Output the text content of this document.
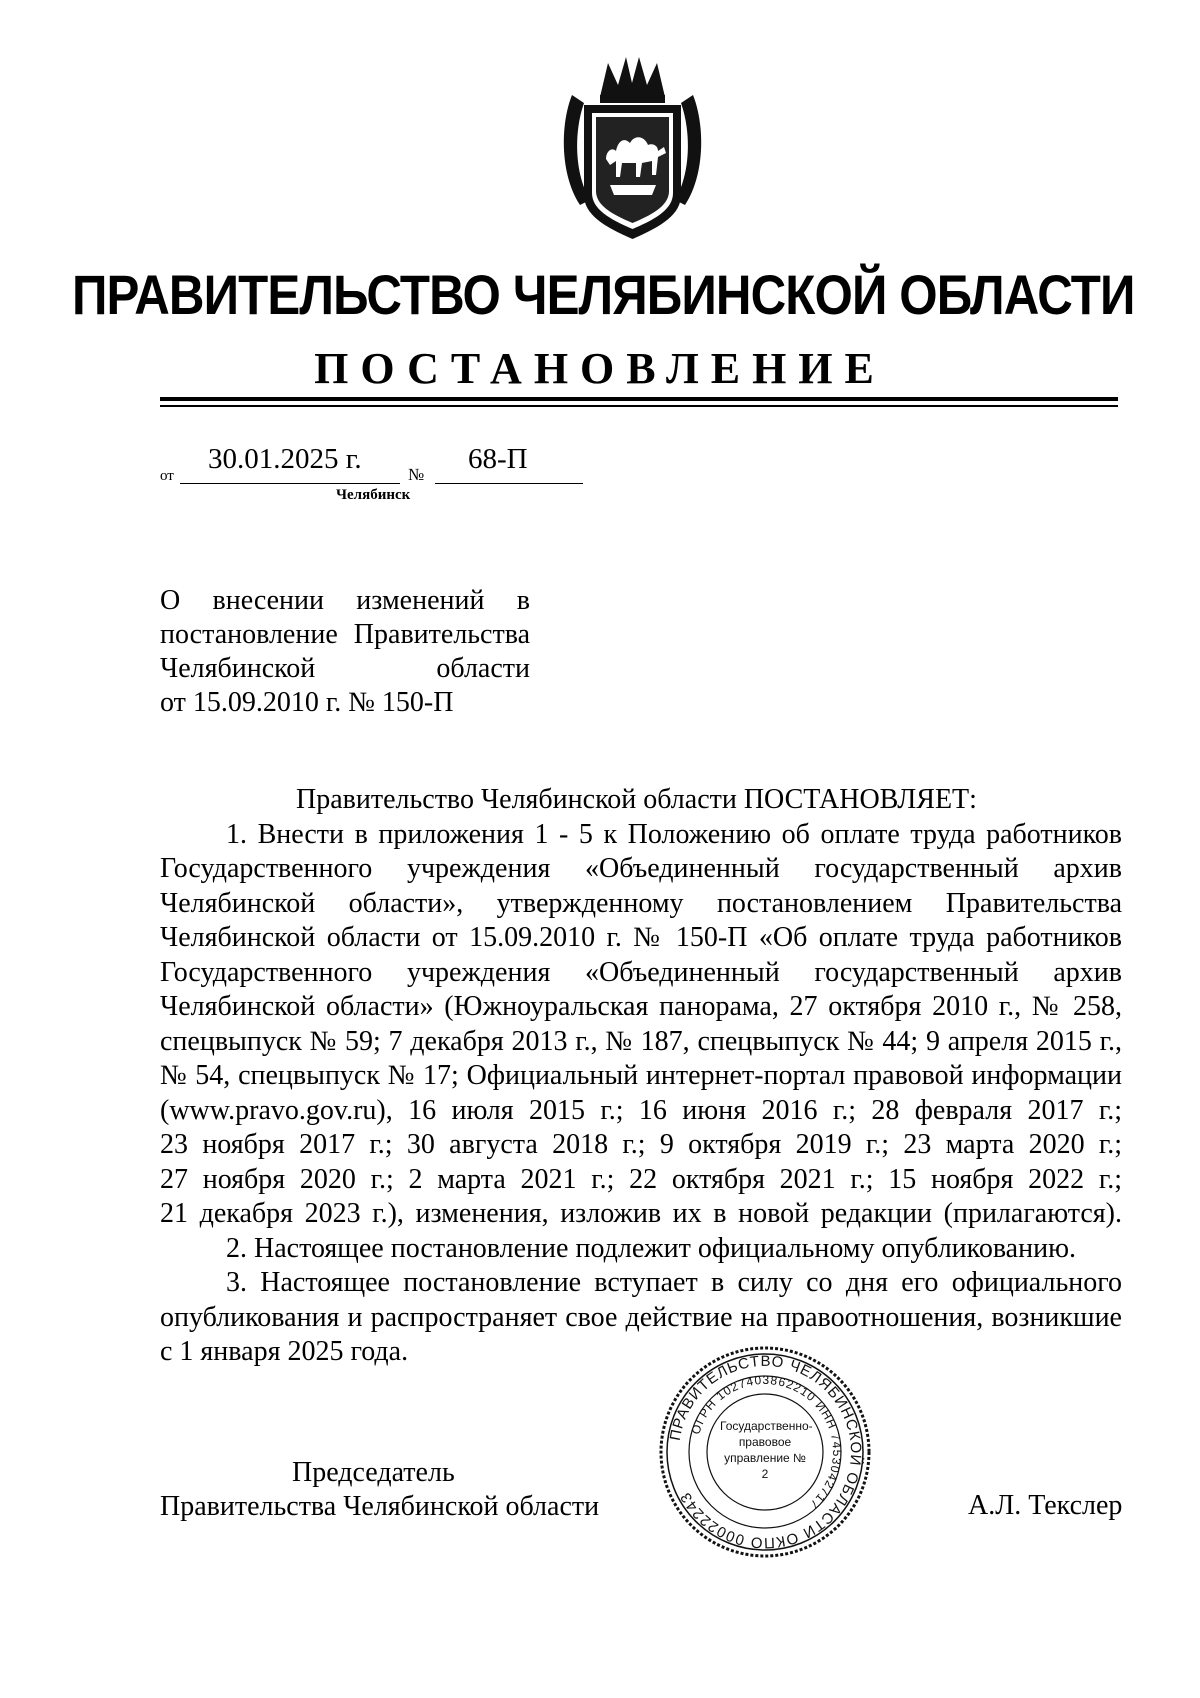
ПРАВИТЕЛЬСТВО ЧЕЛЯБИНСКОЙ ОБЛАСТИ
ПОСТАНОВЛЕНИЕ
от
30.01.2025 г.	№ 68-П
Челябинск
О внесении изменений в
постановление Правительства
Челябинской области
от 15.09.2010 г. № 150-П

Правительство Челябинской области ПОСТАНОВЛЯЕТ:

1. Внести в приложения 1 - 5 к Положению об оплате труда работников
Государственного учреждения «Объединенный государственный архив
Челябинской области», утвержденному постановлением Правительства
Челябинской области от 15.09.2010 г. № 150-П «Об оплате труда работников
Государственного учреждения «Объединенный государственный архив
Челябинской области» (Южноуральская панорама, 27 октября 2010 г., № 258,
спецвыпуск № 59; 7 декабря 2013 г., № 187, спецвыпуск № 44; 9 апреля 2015 г.,
№ 54, спецвыпуск № 17; Официальный интернет-портал правовой информации
(www.pravo.gov.ru), 16 июля 2015 г.; 16 июня 2016 г.; 28 февраля 2017 г.;
23 ноября 2017 г.; 30 августа 2018 г.; 9 октября 2019 г.; 23 марта 2020 г.;
27 ноября 2020 г.; 2 марта 2021 г.; 22 октября 2021 г.; 15 ноября 2022 г.;
21 декабря 2023 г.), изменения, изложив их в новой редакции (прилагаются).

2. Настоящее постановление подлежит официальному опубликованию.

3. Настоящее постановление вступает в силу со дня его официального
опубликования и распространяет свое действие на правоотношения, возникшие
с 1 января 2025 года.
Председатель
Правительства Челябинской области
ПРАВИТЕЛЬСТВО ЧЕЛЯБИНСКОЙ ОБЛАСТИ ОКПО 00022243
ОГРН 1027403862210 ИНН 7453042717
Государственно-правовое управление № 2
А.Л. Текслер
